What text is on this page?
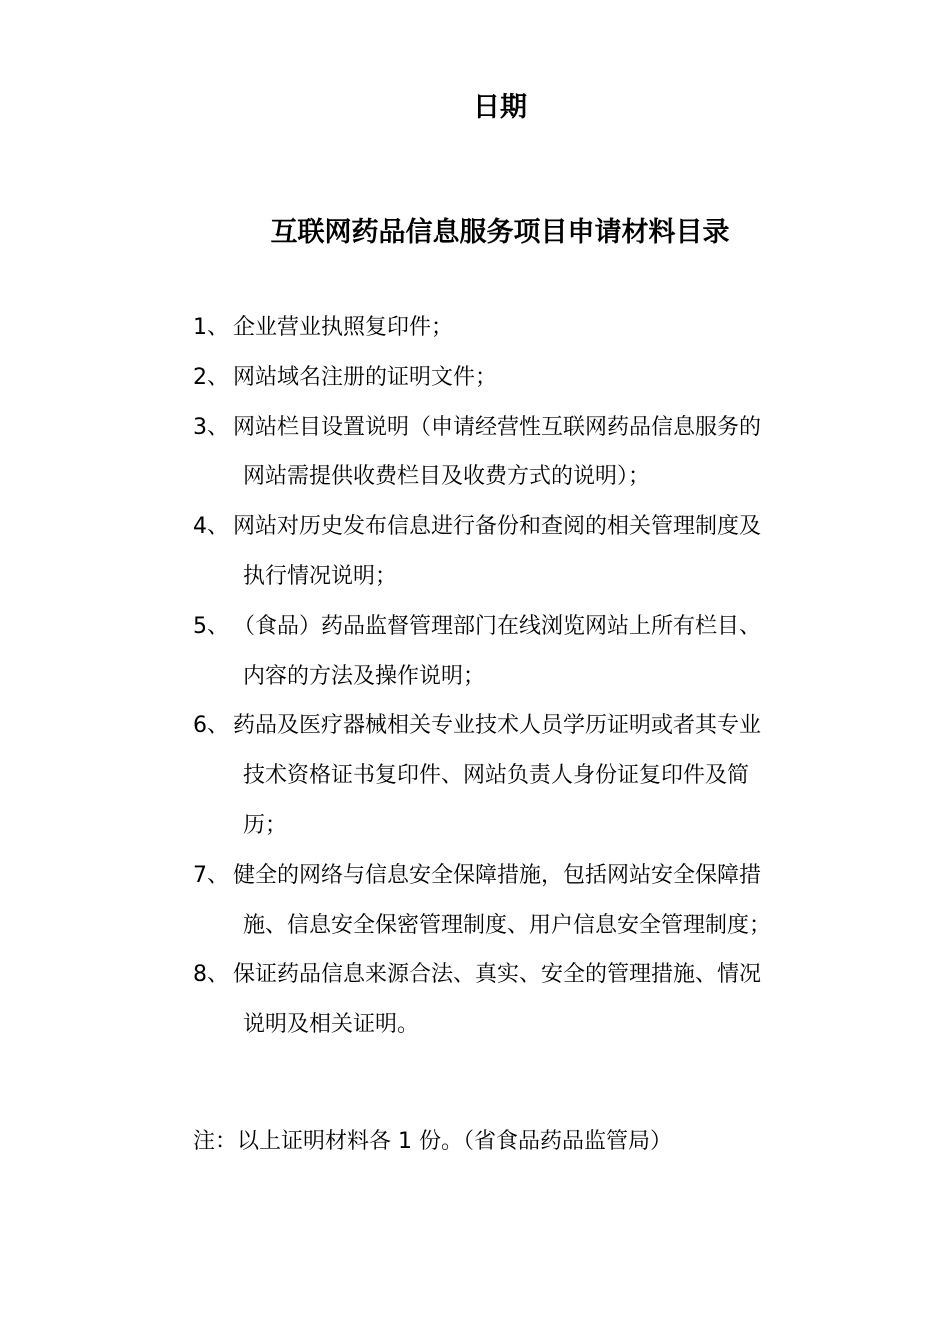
日期
互联网药品信息服务项目申请材料目录
1、 企业营业执照复印件；
2、 网站域名注册的证明文件；
3、 网站栏目设置说明（申请经营性互联网药品信息服务的
网站需提供收费栏目及收费方式的说明）；
4、 网站对历史发布信息进行备份和查阅的相关管理制度及
执行情况说明；
5、 （食品）药品监督管理部门在线浏览网站上所有栏目、
内容的方法及操作说明；
6、 药品及医疗器械相关专业技术人员学历证明或者其专业
技术资格证书复印件、网站负责人身份证复印件及简
历；
7、 健全的网络与信息安全保障措施，包括网站安全保障措
施、信息安全保密管理制度、用户信息安全管理制度；
8、 保证药品信息来源合法、真实、安全的管理措施、情况
说明及相关证明。

注：以上证明材料各 1 份。（省食品药品监管局）
